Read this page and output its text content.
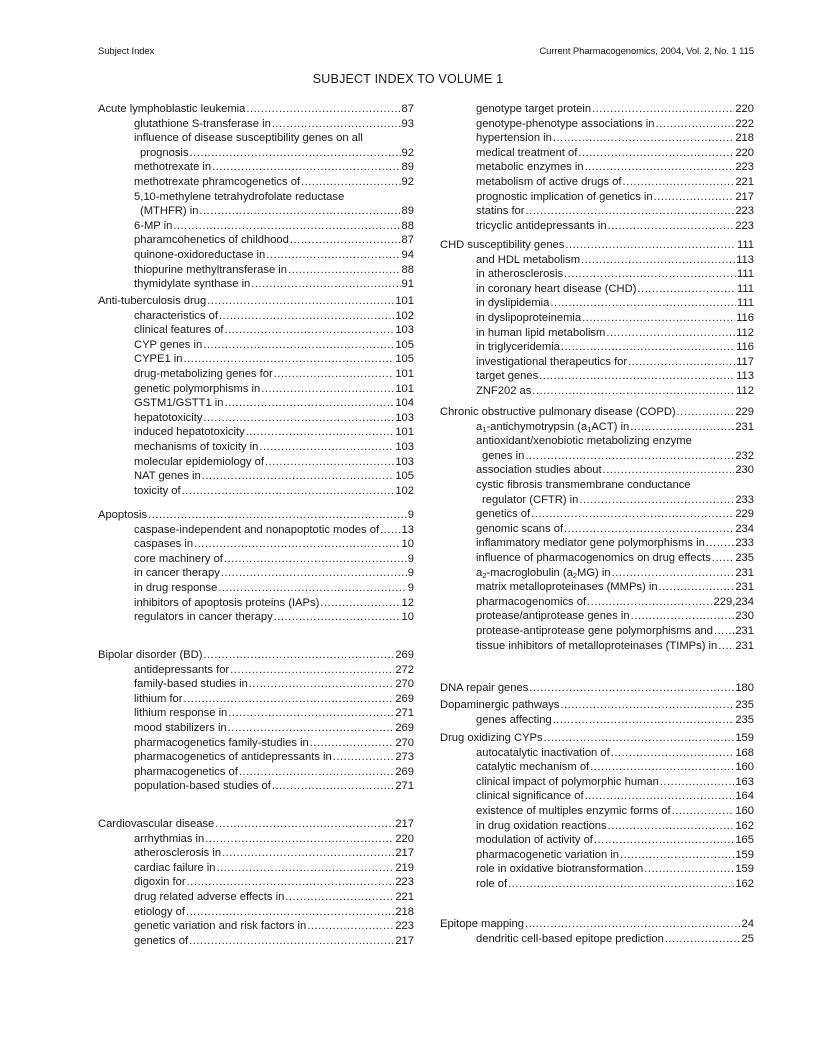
Subject Index	Current Pharmacogenomics, 2004, Vol. 2, No. 1 115
SUBJECT INDEX TO VOLUME 1
Acute lymphoblastic leukemia .....	87
glutathione S-transferase in .....	93
influence of disease susceptibility genes on all
prognosis .....	92
methotrexate in .....	89
methotrexate phramcogenetics of .....	92
5,10-methylene tetrahydrofolate reductase
(MTHFR) in .....	89
6-MP in .....	88
pharamcohenetics of childhood .....	87
quinone-oxidoreductase in .....	94
thiopurine methyltransferase in .....	88
thymidylate synthase in .....	91
Anti-tuberculosis drug .....	101
characteristics of .....	102
clinical features of .....	103
CYP genes in .....	105
CYPE1 in .....	105
drug-metabolizing genes for .....	101
genetic polymorphisms in .....	101
GSTM1/GSTT1 in .....	104
hepatotoxicity .....	103
induced hepatotoxicity .....	101
mechanisms of toxicity in .....	103
molecular epidemiology of .....	103
NAT genes in .....	105
toxicity of .....	102
Apoptosis .....	9
caspase-independent and nonapoptotic modes of ..... 13
caspases in .....	10
core machinery of .....	9
in cancer therapy .....	9
in drug response .....	9
inhibitors of apoptosis proteins (IAPs) .....	12
regulators in cancer therapy .....	10
Bipolar disorder (BD) .....	269
antidepressants for .....	272
family-based studies in .....	270
lithium for .....	269
lithium response in .....	271
mood stabilizers in .....	269
pharmacogenetics family-studies in .....	270
pharmacogenetics of antidepressants in .....	273
pharmacogenetics of .....	269
population-based studies of .....	271
Cardiovascular disease .....	217
arrhythmias in .....	220
atherosclerosis in .....	217
cardiac failure in .....	219
digoxin for .....	223
drug related adverse effects in .....	221
etiology of .....	218
genetic variation and risk factors in .....	223
genetics of .....	217
genotype target protein .....	220
genotype-phenotype associations in .....	222
hypertension in .....	218
medical treatment of .....	220
metabolic enzymes in .....	223
metabolism of active drugs of .....	221
prognostic implication of genetics in .....	217
statins for .....	223
tricyclic antidepressants in .....	223
CHD susceptibility genes .....	111
and HDL metabolism .....	113
in atherosclerosis .....	111
in coronary heart disease (CHD) .....	111
in dyslipidemia .....	111
in dyslipoproteinemia .....	116
in human lipid metabolism .....	112
in triglyceridemia .....	116
investigational therapeutics for .....	117
target genes .....	113
ZNF202 as .....	112
Chronic obstructive pulmonary disease (COPD) .....	229
$a_1$-antichymotrypsin $(a_1ACT)$ in .....	231
antioxidant/xenobiotic metabolizing enzyme
genes in .....	232
association studies about .....	230
cystic fibrosis transmembrane conductance
regulator (CFTR) in .....	233
genetics of .....	229
genomic scans of .....	234
inflammatory mediator gene polymorphisms in .....	233
influence of pharmacogenomics on drug effects ..... 235
$a_2$-macroglobulin $(a_2MG)$ in .....	231
matrix metalloproteinases (MMPs) in .....	231
pharmacogenomics of .....	229,234
protease/antiprotease genes in .....	230
protease-antiprotease gene polymorphisms and ..... 231
tissue inhibitors of metalloproteinases (TIMPs) in ..... 231
DNA repair genes .....	180
Dopaminergic pathways .....	235
genes affecting .....	235
Drug oxidizing CYPs .....	159
autocatalytic inactivation of .....	168
catalytic mechanism of .....	160
clinical impact of polymorphic human .....	163
clinical significance of .....	164
existence of multiples enzymic forms of .....	160
in drug oxidation reactions .....	162
modulation of activity of .....	165
pharmacogenetic variation in .....	159
role in oxidative biotransformation .....	159
role of .....	162
Epitope mapping .....	24
dendritic cell-based epitope prediction .....	25
